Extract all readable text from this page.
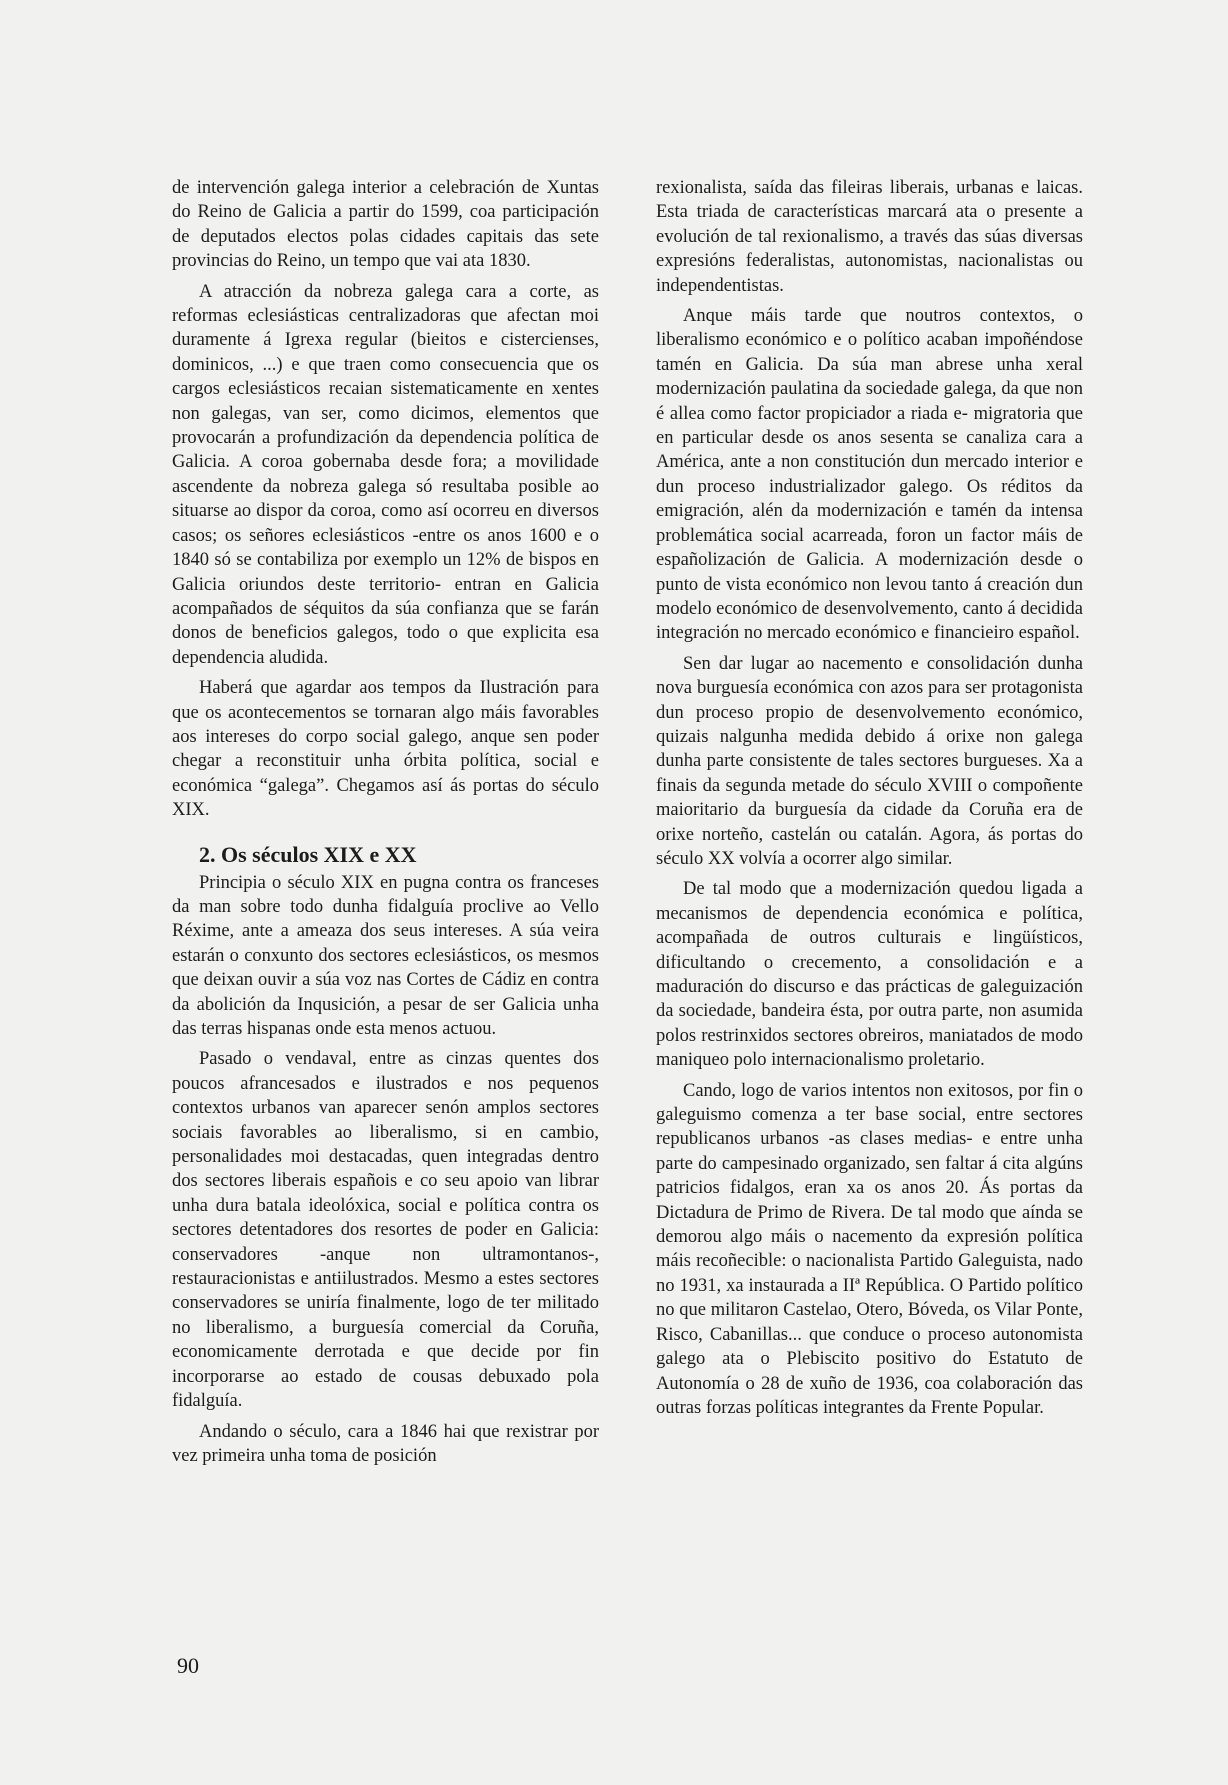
de intervención galega interior a celebración de Xuntas do Reino de Galicia a partir do 1599, coa participación de deputados electos polas cidades capitais das sete provincias do Reino, un tempo que vai ata 1830.

A atracción da nobreza galega cara a corte, as reformas eclesiásticas centralizadoras que afectan moi duramente á Igrexa regular (bieitos e cistercienses, dominicos, ...) e que traen como consecuencia que os cargos eclesiásticos recaian sistematicamente en xentes non galegas, van ser, como dicimos, elementos que provocarán a profundización da dependencia política de Galicia. A coroa gobernaba desde fora; a movilidade ascendente da nobreza galega só resultaba posible ao situarse ao dispor da coroa, como así ocorreu en diversos casos; os señores eclesiásticos -entre os anos 1600 e o 1840 só se contabiliza por exemplo un 12% de bispos en Galicia oriundos deste territorio- entran en Galicia acompañados de séquitos da súa confianza que se farán donos de beneficios galegos, todo o que explicita esa dependencia aludida.

Haberá que agardar aos tempos da Ilustración para que os acontecementos se tornaran algo máis favorables aos intereses do corpo social galego, anque sen poder chegar a reconstituir unha órbita política, social e económica “galega”. Chegamos así ás portas do século XIX.

2. Os séculos XIX e XX

Principia o século XIX en pugna contra os franceses da man sobre todo dunha fidalguía proclive ao Vello Réxime, ante a ameaza dos seus intereses. A súa veira estarán o conxunto dos sectores eclesiásticos, os mesmos que deixan ouvir a súa voz nas Cortes de Cádiz en contra da abolición da Inqusición, a pesar de ser Galicia unha das terras hispanas onde esta menos actuou.

Pasado o vendaval, entre as cinzas quentes dos poucos afrancesados e ilustrados e nos pequenos contextos urbanos van aparecer senón amplos sectores sociais favorables ao liberalismo, si en cambio, personalidades moi destacadas, quen integradas dentro dos sectores liberais españois e co seu apoio van librar unha dura batala ideolóxica, social e política contra os sectores detentadores dos resortes de poder en Galicia: conservadores -anque non ultramontanos-, restauracionistas e antiilustrados. Mesmo a estes sectores conservadores se uniría finalmente, logo de ter militado no liberalismo, a burguesía comercial da Coruña, economicamente derrotada e que decide por fin incorporarse ao estado de cousas debuxado pola fidalguía.

Andando o século, cara a 1846 hai que rexistrar por vez primeira unha toma de posición

rexionalista, saída das fileiras liberais, urbanas e laicas. Esta triada de características marcará ata o presente a evolución de tal rexionalismo, a través das súas diversas expresións federalistas, autonomistas, nacionalistas ou independentistas.

Anque máis tarde que noutros contextos, o liberalismo económico e o político acaban impoñéndose tamén en Galicia. Da súa man abrese unha xeral modernización paulatina da sociedade galega, da que non é allea como factor propiciador a riada e- migratoria que en particular desde os anos sesenta se canaliza cara a América, ante a non constitución dun mercado interior e dun proceso industrializador galego. Os réditos da emigración, alén da modernización e tamén da intensa problemática social acarreada, foron un factor máis de españolización de Galicia. A modernización desde o punto de vista económico non levou tanto á creación dun modelo económico de desenvolvemento, canto á decidida integración no mercado económico e financieiro español.

Sen dar lugar ao nacemento e consolidación dunha nova burguesía económica con azos para ser protagonista dun proceso propio de desenvolvemento económico, quizais nalgunha medida debido á orixe non galega dunha parte consistente de tales sectores burgueses. Xa a finais da segunda metade do século XVIII o compoñente maioritario da burguesía da cidade da Coruña era de orixe norteño, castelán ou catalán. Agora, ás portas do século XX volvía a ocorrer algo similar.

De tal modo que a modernización quedou ligada a mecanismos de dependencia económica e política, acompañada de outros culturais e lingüísticos, dificultando o crecemento, a consolidación e a maduración do discurso e das prácticas de galeguización da sociedade, bandeira ésta, por outra parte, non asumida polos restrinxidos sectores obreiros, maniatados de modo maniqueo polo internacionalismo proletario.

Cando, logo de varios intentos non exitosos, por fin o galeguismo comenza a ter base social, entre sectores republicanos urbanos -as clases medias- e entre unha parte do campesinado organizado, sen faltar á cita algúns patricios fidalgos, eran xa os anos 20. Ás portas da Dictadura de Primo de Rivera. De tal modo que aínda se demorou algo máis o nacemento da expresión política máis recoñecible: o nacionalista Partido Galeguista, nado no 1931, xa instaurada a IIª República. O Partido político no que militaron Castelao, Otero, Bóveda, os Vilar Ponte, Risco, Cabanillas... que conduce o proceso autonomista galego ata o Plebiscito positivo do Estatuto de Autonomía o 28 de xuño de 1936, coa colaboración das outras forzas políticas integrantes da Frente Popular.

90
